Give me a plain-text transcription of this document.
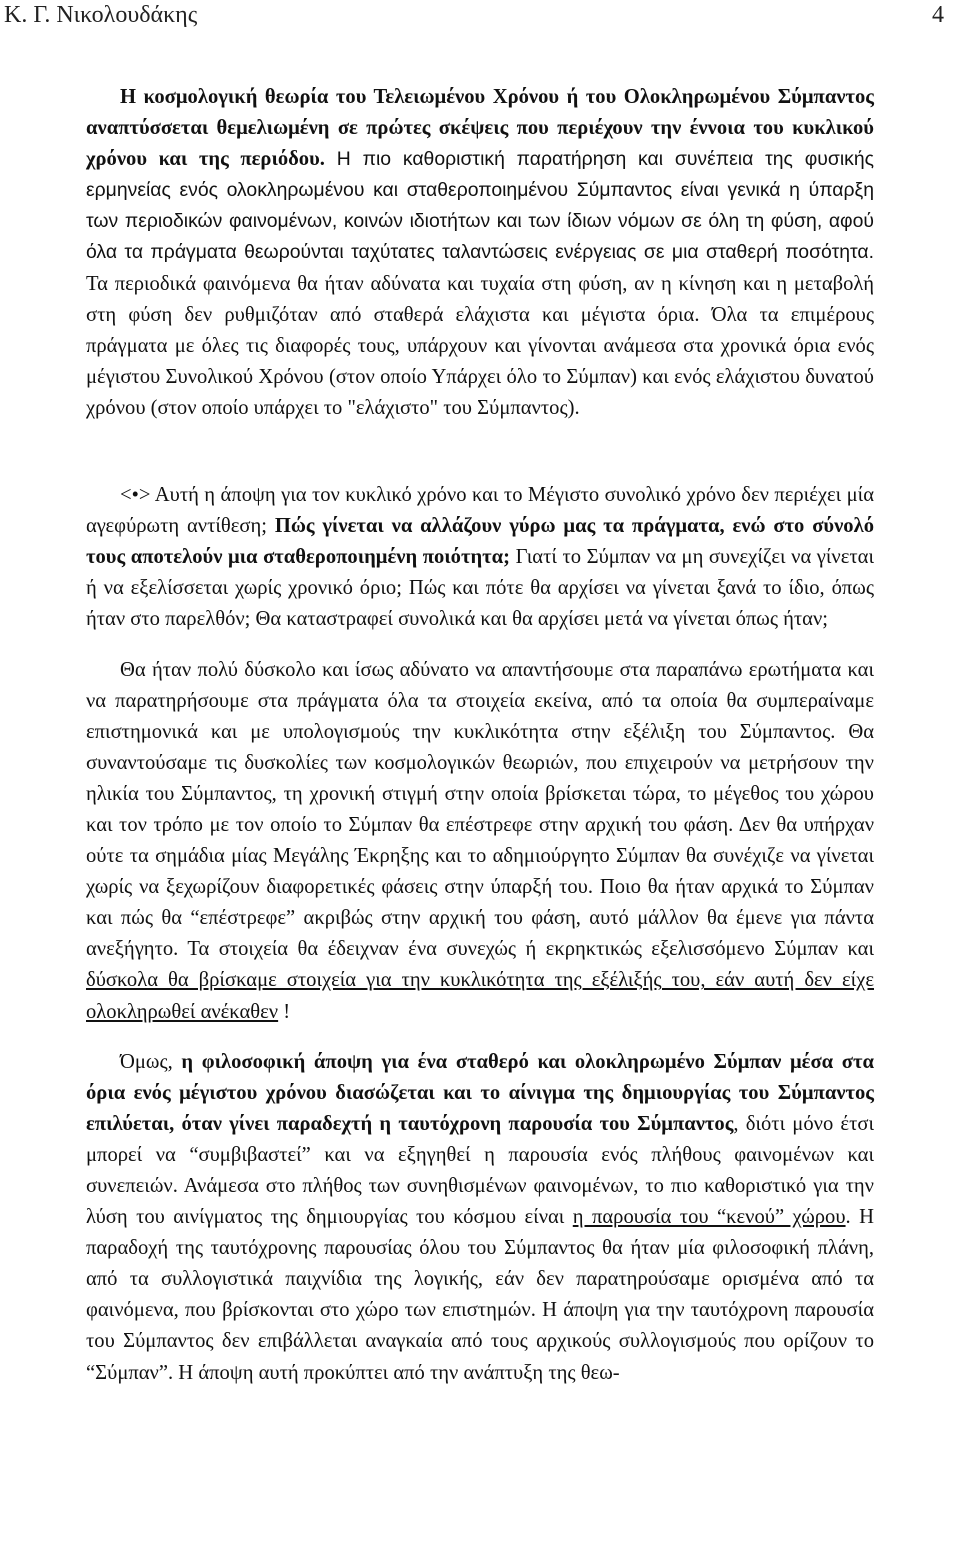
Κ. Γ. Νικολουδάκης	4

Η κοσμολογική θεωρία του Τελειωμένου Χρόνου ή του Ολοκληρωμένου Σύμπαντος αναπτύσσεται θεμελιωμένη σε πρώτες σκέψεις που περιέχουν την έννοια του κυκλικού χρόνου και της περιόδου. Η πιο καθοριστική παρατήρηση και συνέπεια της φυσικής ερμηνείας ενός ολοκληρωμένου και σταθεροποιημένου Σύμπαντος είναι γενικά η ύπαρξη των περιοδικών φαινομένων, κοινών ιδιοτήτων και των ίδιων νόμων σε όλη τη φύση, αφού όλα τα πράγματα θεωρούνται ταχύτατες ταλαντώσεις ενέργειας σε μια σταθερή ποσότητα. Τα περιοδικά φαινόμενα θα ήταν αδύνατα και τυχαία στη φύση, αν η κίνηση και η μεταβολή στη φύση δεν ρυθμιζόταν από σταθερά ελάχιστα και μέγιστα όρια. Όλα τα επιμέρους πράγματα με όλες τις διαφορές τους, υπάρχουν και γίνονται ανάμεσα στα χρονικά όρια ενός μέγιστου Συνολικού Χρόνου (στον οποίο Υπάρχει όλο το Σύμπαν) και ενός ελάχιστου δυνατού χρόνου (στον οποίο υπάρχει το "ελάχιστο" του Σύμπαντος).

<•> Αυτή η άποψη για τον κυκλικό χρόνο και το Μέγιστο συνολικό χρόνο δεν περιέχει μία αγεφύρωτη αντίθεση; Πώς γίνεται να αλλάζουν γύρω μας τα πράγματα, ενώ στο σύνολό τους αποτελούν μια σταθεροποιημένη ποιότητα; Γιατί το Σύμπαν να μη συνεχίζει να γίνεται ή να εξελίσσεται χωρίς χρονικό όριο; Πώς και πότε θα αρχίσει να γίνεται ξανά το ίδιο, όπως ήταν στο παρελθόν; Θα καταστραφεί συνολικά και θα αρχίσει μετά να γίνεται όπως ήταν;

Θα ήταν πολύ δύσκολο και ίσως αδύνατο να απαντήσουμε στα παραπάνω ερωτήματα και να παρατηρήσουμε στα πράγματα όλα τα στοιχεία εκείνα, από τα οποία θα συμπεραίναμε επιστημονικά και με υπολογισμούς την κυκλικότητα στην εξέλιξη του Σύμπαντος. Θα συναντούσαμε τις δυσκολίες των κοσμολογικών θεωριών, που επιχειρούν να μετρήσουν την ηλικία του Σύμπαντος, τη χρονική στιγμή στην οποία βρίσκεται τώρα, το μέγεθος του χώρου και τον τρόπο με τον οποίο το Σύμπαν θα επέστρεφε στην αρχική του φάση. Δεν θα υπήρχαν ούτε τα σημάδια μίας Μεγάλης Έκρηξης και το αδημιούργητο Σύμπαν θα συνέχιζε να γίνεται χωρίς να ξεχωρίζουν διαφορετικές φάσεις στην ύπαρξή του. Ποιο θα ήταν αρχικά το Σύμπαν και πώς θα “επέστρεφε” ακριβώς στην αρχική του φάση, αυτό μάλλον θα έμενε για πάντα ανεξήγητο. Τα στοιχεία θα έδειχναν ένα συνεχώς ή εκρηκτικώς εξελισσόμενο Σύμπαν και δύσκολα θα βρίσκαμε στοιχεία για την κυκλικότητα της εξέλιξής του, εάν αυτή δεν είχε ολοκληρωθεί ανέκαθεν !

Όμως, η φιλοσοφική άποψη για ένα σταθερό και ολοκληρωμένο Σύμπαν μέσα στα όρια ενός μέγιστου χρόνου διασώζεται και το αίνιγμα της δημιουργίας του Σύμπαντος επιλύεται, όταν γίνει παραδεχτή η ταυτόχρονη παρουσία του Σύμπαντος, διότι μόνο έτσι μπορεί να “συμβιβαστεί” και να εξηγηθεί η παρουσία ενός πλήθους φαινομένων και συνεπειών. Ανάμεσα στο πλήθος των συνηθισμένων φαινομένων, το πιο καθοριστικό για την λύση του αινίγματος της δημιουργίας του κόσμου είναι η παρουσία του “κενού” χώρου. Η παραδοχή της ταυτόχρονης παρουσίας όλου του Σύμπαντος θα ήταν μία φιλοσοφική πλάνη, από τα συλλογιστικά παιχνίδια της λογικής, εάν δεν παρατηρούσαμε ορισμένα από τα φαινόμενα, που βρίσκονται στο χώρο των επιστημών. Η άποψη για την ταυτόχρονη παρουσία του Σύμπαντος δεν επιβάλλεται αναγκαία από τους αρχικούς συλλογισμούς που ορίζουν το “Σύμπαν”. Η άποψη αυτή προκύπτει από την ανάπτυξη της θεω-
